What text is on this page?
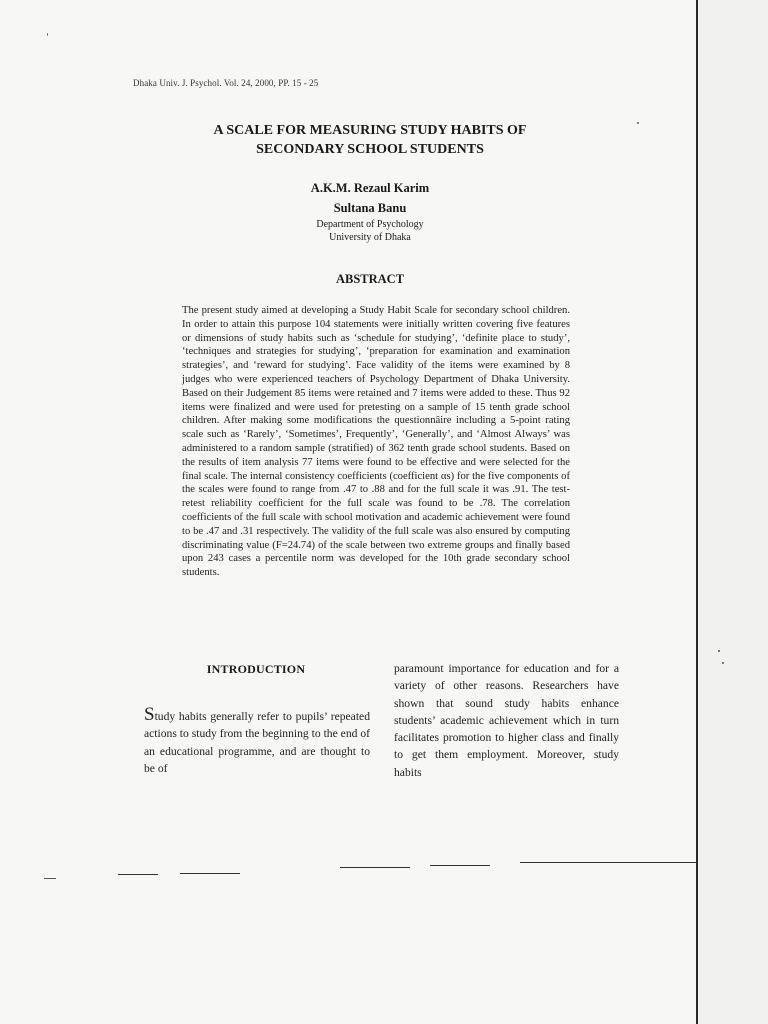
Dhaka Univ. J. Psychol. Vol. 24, 2000, PP. 15 - 25
A SCALE FOR MEASURING STUDY HABITS OF
SECONDARY SCHOOL STUDENTS
A.K.M. Rezaul Karim
Sultana Banu
Department of Psychology
University of Dhaka
ABSTRACT
The present study aimed at developing a Study Habit Scale for secondary school children. In order to attain this purpose 104 statements were initially written covering five features or dimensions of study habits such as ‘schedule for studying’, ‘definite place to study’, ‘techniques and strategies for studying’, ‘preparation for examination and examination strategies’, and ‘reward for studying’. Face validity of the items were examined by 8 judges who were experienced teachers of Psychology Department of Dhaka University. Based on their Judgement 85 items were retained and 7 items were added to these. Thus 92 items were finalized and were used for pretesting on a sample of 15 tenth grade school children. After making some modifications the questionnâire including a 5-point rating scale such as ‘Rarely’, ‘Sometimes’, Frequently’, ‘Generally’, and ‘Almost Always’ was administered to a random sample (stratified) of 362 tenth grade school students. Based on the results of item analysis 77 items were found to be effective and were selected for the final scale. The internal consistency coefficients (coefficient αs) for the five components of the scales were found to range from .47 to .88 and for the full scale it was .91. The test-retest reliability coefficient for the full scale was found to be .78. The correlation coefficients of the full scale with school motivation and academic achievement were found to be .47 and .31 respectively. The validity of the full scale was also ensured by computing discriminating value (F=24.74) of the scale between two extreme groups and finally based upon 243 cases a percentile norm was developed for the 10th grade secondary school students.
INTRODUCTION
Study habits generally refer to pupils’ repeated actions to study from the beginning to the end of an educational programme, and are thought to be of
paramount importance for education and for a variety of other reasons. Researchers have shown that sound study habits enhance students’ academic achievement which in turn facilitates promotion to higher class and finally to get them employment. Moreover, study habits
